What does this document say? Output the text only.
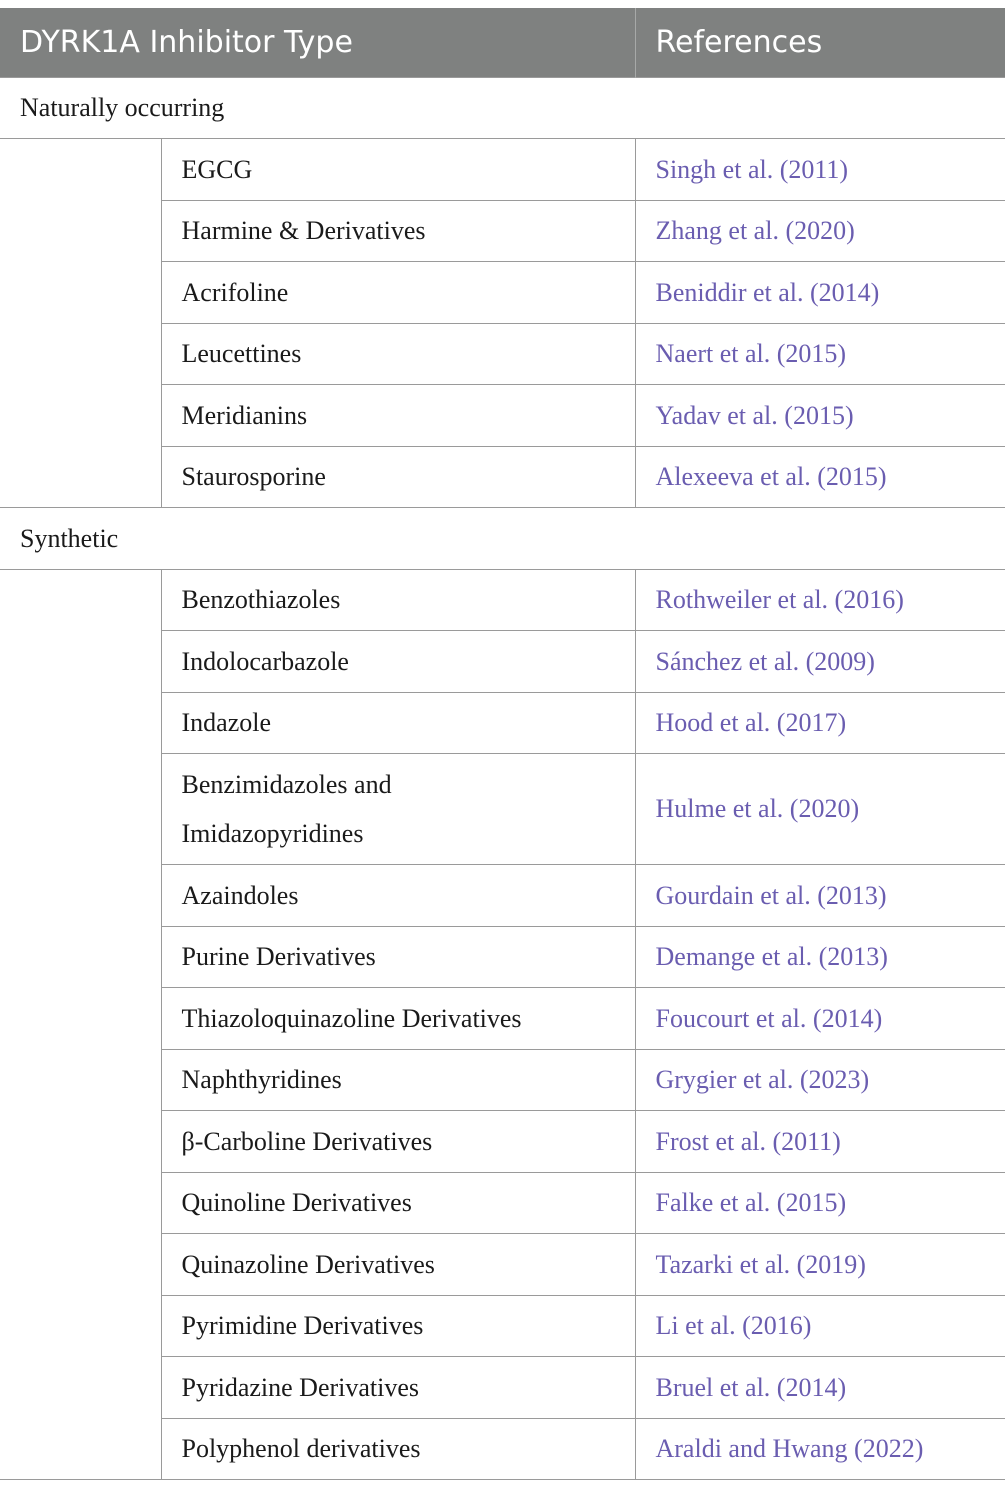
DYRK1A Inhibitor Type		References
Naturally occurring		
	EGCG	Singh et al. (2011)
	Harmine & Derivatives	Zhang et al. (2020)
	Acrifoline	Beniddir et al. (2014)
	Leucettines	Naert et al. (2015)
	Meridianins	Yadav et al. (2015)
	Staurosporine	Alexeeva et al. (2015)
Synthetic		
	Benzothiazoles	Rothweiler et al. (2016)
	Indolocarbazole	Sánchez et al. (2009)
	Indazole	Hood et al. (2017)
	Benzimidazoles and Imidazopyridines	Hulme et al. (2020)
	Azaindoles	Gourdain et al. (2013)
	Purine Derivatives	Demange et al. (2013)
	Thiazoloquinazoline Derivatives	Foucourt et al. (2014)
	Naphthyridines	Grygier et al. (2023)
	β-Carboline Derivatives	Frost et al. (2011)
	Quinoline Derivatives	Falke et al. (2015)
	Quinazoline Derivatives	Tazarki et al. (2019)
	Pyrimidine Derivatives	Li et al. (2016)
	Pyridazine Derivatives	Bruel et al. (2014)
	Polyphenol derivatives	Araldi and Hwang (2022)
